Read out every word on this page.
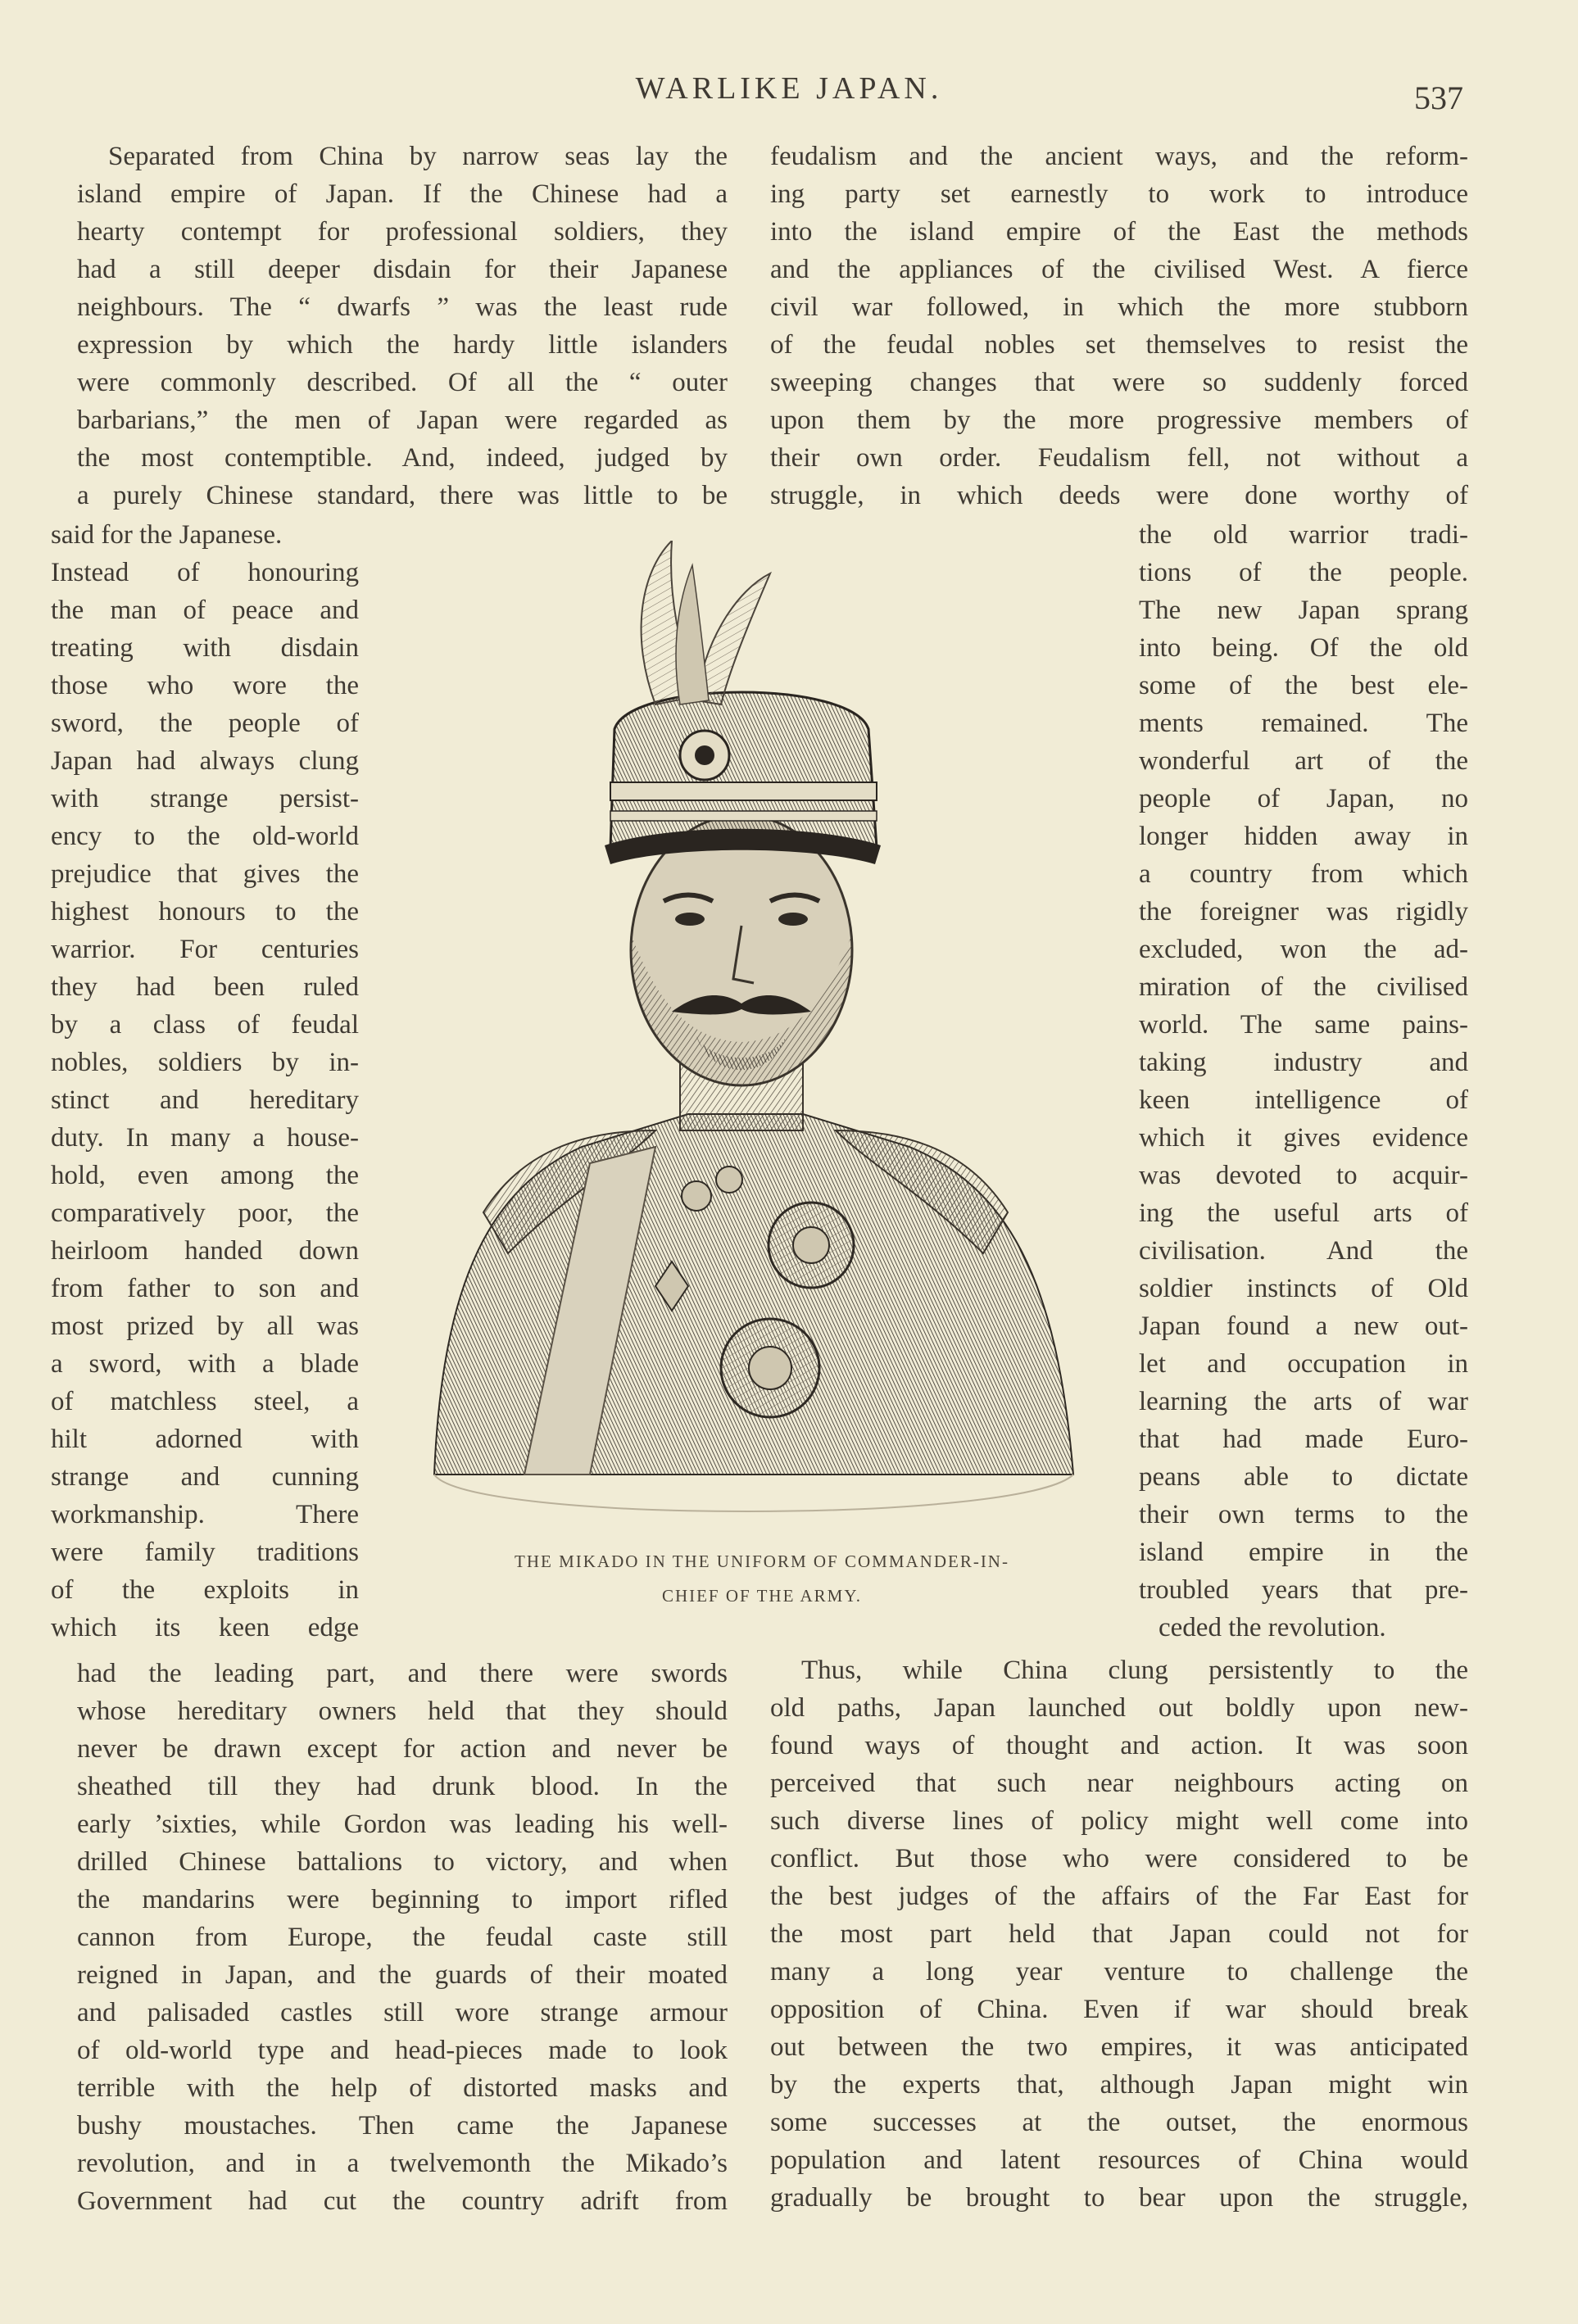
WARLIKE JAPAN.	537
Separated from China by narrow seas lay the
island empire of Japan. If the Chinese had a
hearty contempt for professional soldiers, they
had a still deeper disdain for their Japanese
neighbours. The “ dwarfs ” was the least rude
expression by which the hardy little islanders
were commonly described. Of all the “ outer
barbarians,” the men of Japan were regarded as
the most contemptible. And, indeed, judged by
a purely Chinese standard, there was little to be
said for the Japanese.
Instead of honouring
the man of peace and
treating with disdain
those who wore the
sword, the people of
Japan had always clung
with strange persist-
ency to the old-world
prejudice that gives the
highest honours to the
warrior. For centuries
they had been ruled
by a class of feudal
nobles, soldiers by in-
stinct and hereditary
duty. In many a house-
hold, even among the
comparatively poor, the
heirloom handed down
from father to son and
most prized by all was
a sword, with a blade
of matchless steel, a
hilt adorned with
strange and cunning
workmanship. There
were family traditions
of the exploits in
which its keen edge
had the leading part, and there were swords
whose hereditary owners held that they should
never be drawn except for action and never be
sheathed till they had drunk blood. In the
early ’sixties, while Gordon was leading his well-
drilled Chinese battalions to victory, and when
the mandarins were beginning to import rifled
cannon from Europe, the feudal caste still
reigned in Japan, and the guards of their moated
and palisaded castles still wore strange armour
of old-world type and head-pieces made to look
terrible with the help of distorted masks and
bushy moustaches. Then came the Japanese
revolution, and in a twelvemonth the Mikado’s
Government had cut the country adrift from
feudalism and the ancient ways, and the reform-
ing party set earnestly to work to introduce
into the island empire of the East the methods
and the appliances of the civilised West. A fierce
civil war followed, in which the more stubborn
of the feudal nobles set themselves to resist the
sweeping changes that were so suddenly forced
upon them by the more progressive members of
their own order. Feudalism fell, not without a
struggle, in which deeds were done worthy of
the old warrior tradi-
tions of the people.
The new Japan sprang
into being. Of the old
some of the best ele-
ments remained. The
wonderful art of the
people of Japan, no
longer hidden away in
a country from which
the foreigner was rigidly
excluded, won the ad-
miration of the civilised
world. The same pains-
taking industry and
keen intelligence of
which it gives evidence
was devoted to acquir-
ing the useful arts of
civilisation. And the
soldier instincts of Old
Japan found a new out-
let and occupation in
learning the arts of war
that had made Euro-
peans able to dictate
their own terms to the
island empire in the
troubled years that pre-
ceded the revolution.
Thus, while China clung persistently to the
old paths, Japan launched out boldly upon new-
found ways of thought and action. It was soon
perceived that such near neighbours acting on
such diverse lines of policy might well come into
conflict. But those who were considered to be
the best judges of the affairs of the Far East for
the most part held that Japan could not for
many a long year venture to challenge the
opposition of China. Even if war should break
out between the two empires, it was anticipated
by the experts that, although Japan might win
some successes at the outset, the enormous
population and latent resources of China would
gradually be brought to bear upon the struggle,
THE MIKADO IN THE UNIFORM OF COMMANDER-IN-
CHIEF OF THE ARMY.
